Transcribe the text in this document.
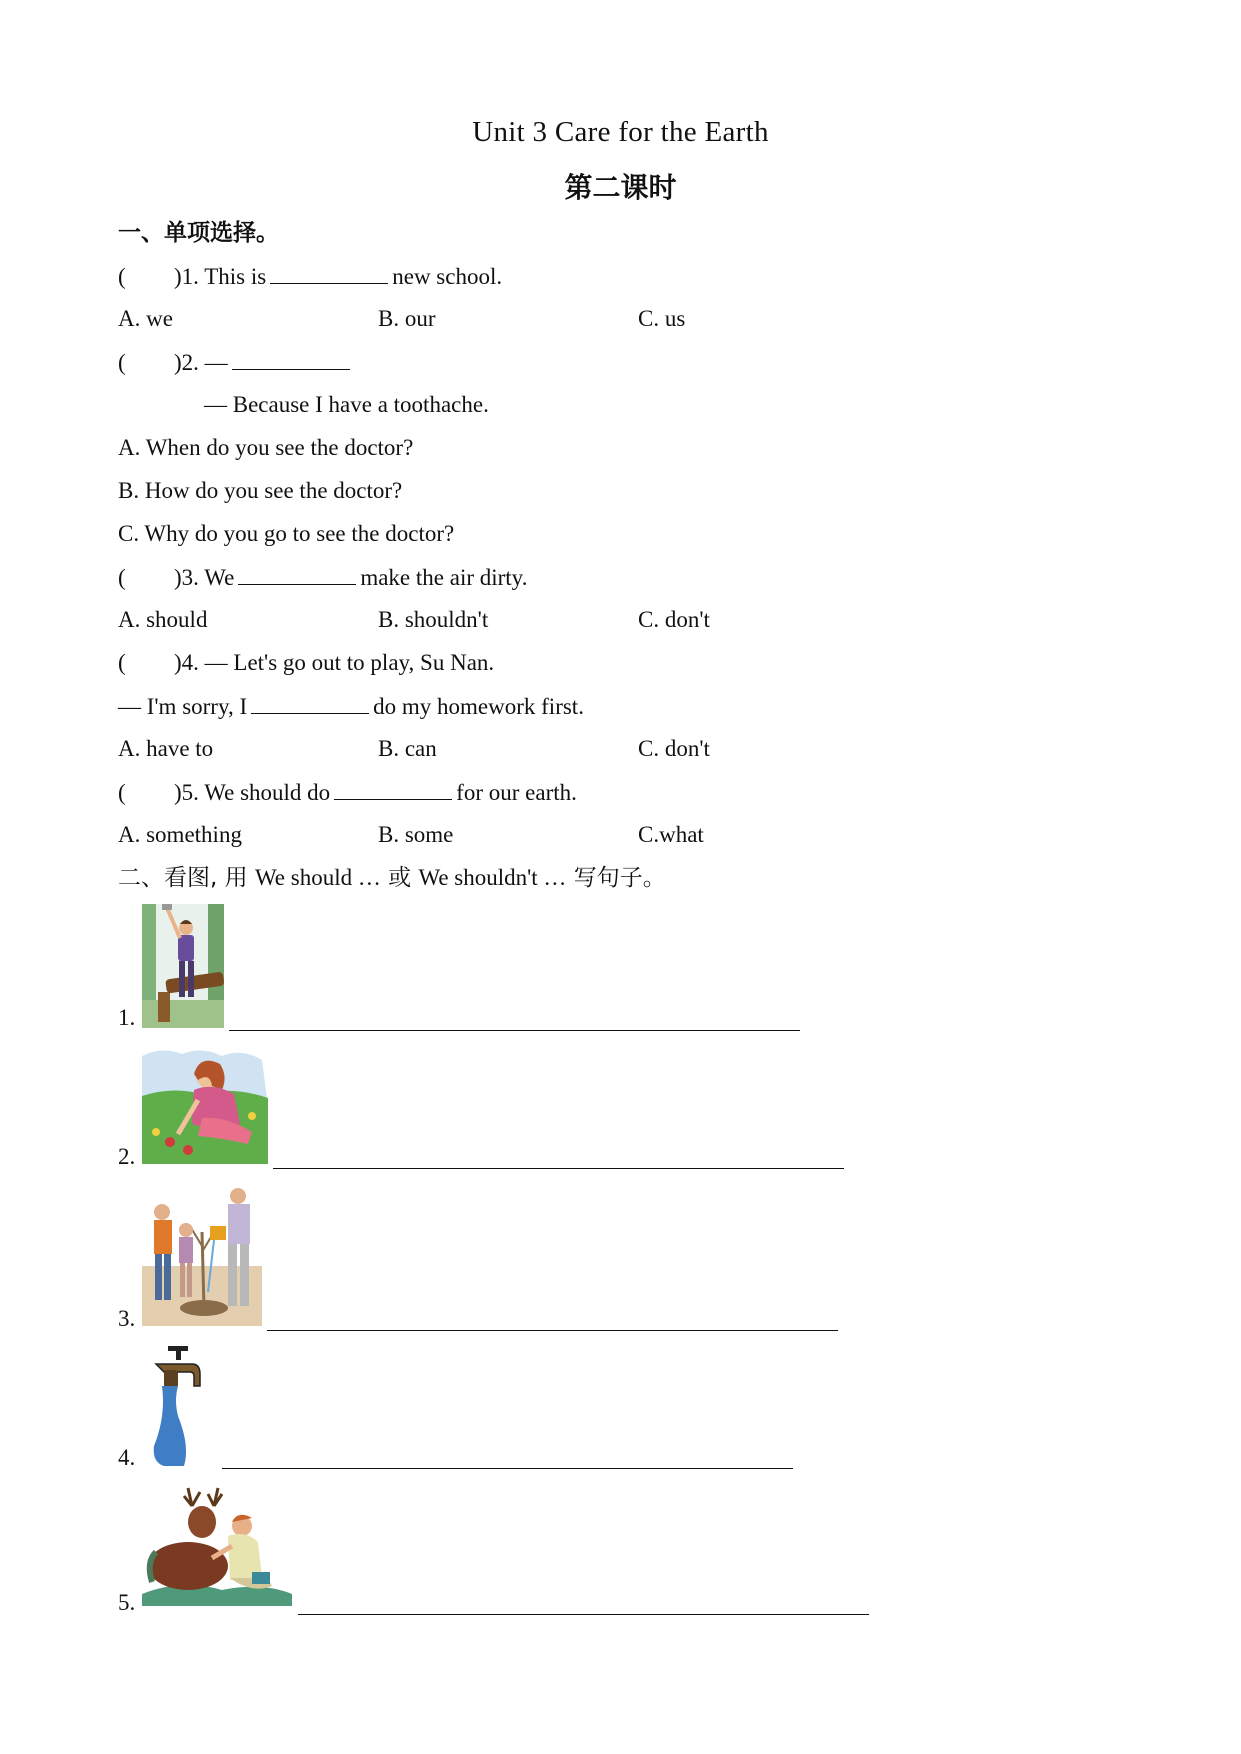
Unit 3 Care for the Earth
第二课时
一、单项选择。
( )1. This is	new school.
A. we	B. our	C. us
( )2. —
— Because I have a toothache.
A. When do you see the doctor?
B. How do you see the doctor?
C. Why do you go to see the doctor?
( )3. We	make the air dirty.
A. should	B. shouldn't	C. don't
( )4. — Let's go out to play, Su Nan.
— I'm sorry, I	do my homework first.
A. have to	B. can	C. don't
( )5. We should do	for our earth.
A. something	B. some	C.what
二、看图, 用 We should … 或 We shouldn't … 写句子。
1.
2.
3.
4.
5.
